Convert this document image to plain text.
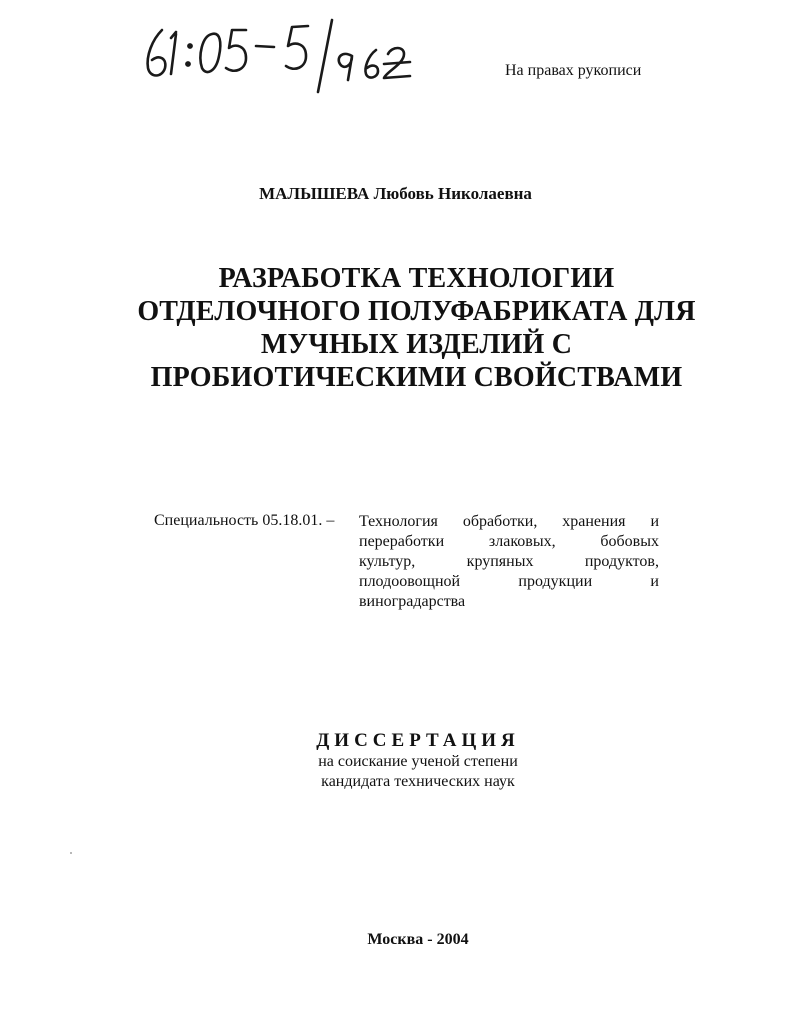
На правах рукописи
МАЛЫШЕВА Любовь Николаевна
РАЗРАБОТКА ТЕХНОЛОГИИ
ОТДЕЛОЧНОГО ПОЛУФАБРИКАТА ДЛЯ
МУЧНЫХ ИЗДЕЛИЙ С
ПРОБИОТИЧЕСКИМИ СВОЙСТВАМИ
Специальность 05.18.01. – Технология обработки, хранения и
переработки	злаковых,	бобовых
культур,	крупяных	продуктов,
плодоовощной	продукции	и
виноградарства
ДИССЕРТАЦИЯ
на соискание ученой степени
кандидата технических наук
Москва - 2004
